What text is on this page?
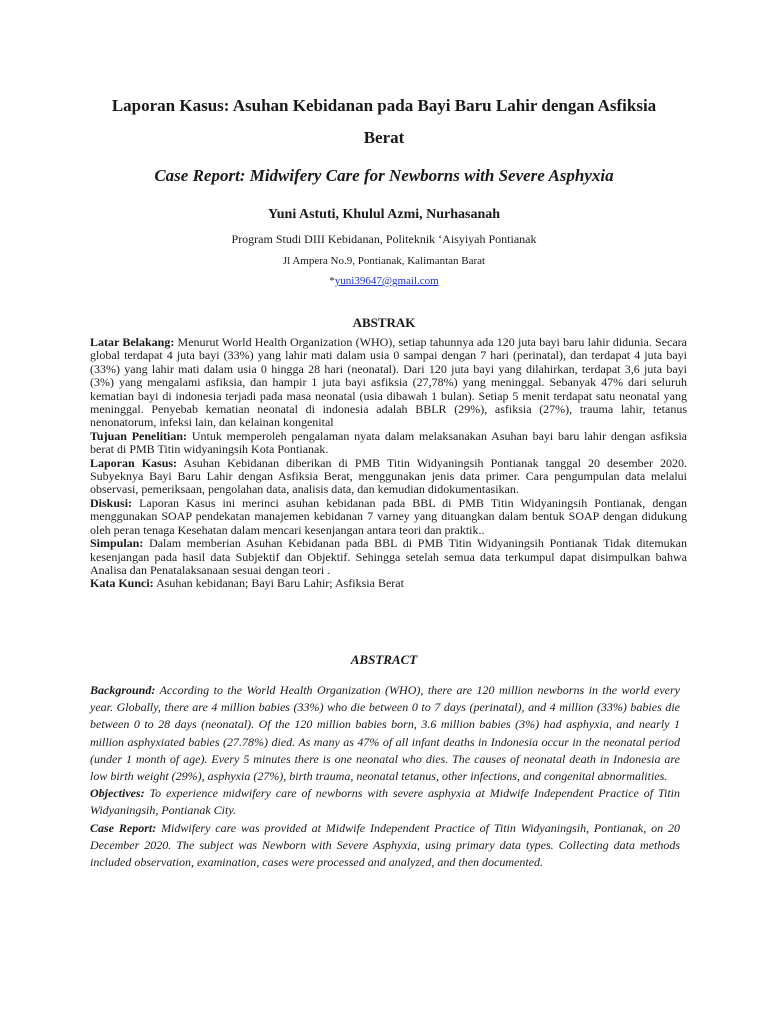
Laporan Kasus: Asuhan Kebidanan pada Bayi Baru Lahir dengan Asfiksia Berat
Case Report: Midwifery Care for Newborns with Severe Asphyxia
Yuni Astuti, Khulul Azmi, Nurhasanah
Program Studi DIII Kebidanan, Politeknik ‘Aisyiyah Pontianak
Jl Ampera No.9, Pontianak, Kalimantan Barat
*yuni39647@gmail.com
ABSTRAK

Latar Belakang: Menurut World Health Organization (WHO), setiap tahunnya ada 120 juta bayi baru lahir didunia. Secara global terdapat 4 juta bayi (33%) yang lahir mati dalam usia 0 sampai dengan 7 hari (perinatal), dan terdapat 4 juta bayi (33%) yang lahir mati dalam usia 0 hingga 28 hari (neonatal). Dari 120 juta bayi yang dilahirkan, terdapat 3,6 juta bayi (3%) yang mengalami asfiksia, dan hampir 1 juta bayi asfiksia (27,78%) yang meninggal. Sebanyak 47% dari seluruh kematian bayi di indonesia terjadi pada masa neonatal (usia dibawah 1 bulan). Setiap 5 menit terdapat satu neonatal yang meninggal. Penyebab kematian neonatal di indonesia adalah BBLR (29%), asfiksia (27%), trauma lahir, tetanus nenonatorum, infeksi lain, dan kelainan kongenital

Tujuan Penelitian: Untuk memperoleh pengalaman nyata dalam melaksanakan Asuhan bayi baru lahir dengan asfiksia berat di PMB Titin widyaningsih Kota Pontianak.

Laporan Kasus: Asuhan Kebidanan diberikan di PMB Titin Widyaningsih Pontianak tanggal 20 desember 2020. Subyeknya Bayi Baru Lahir dengan Asfiksia Berat, menggunakan jenis data primer. Cara pengumpulan data melalui observasi, pemeriksaan, pengolahan data, analisis data, dan kemudian didokumentasikan.

Diskusi: Laporan Kasus ini merinci asuhan kebidanan pada BBL di PMB Titin Widyaningsih Pontianak, dengan menggunakan SOAP pendekatan manajemen kebidanan 7 varney yang dituangkan dalam bentuk SOAP dengan didukung oleh peran tenaga Kesehatan dalam mencari kesenjangan antara teori dan praktik..

Simpulan: Dalam memberian Asuhan Kebidanan pada BBL di PMB Titin Widyaningsih Pontianak Tidak ditemukan kesenjangan pada hasil data Subjektif dan Objektif. Sehingga setelah semua data terkumpul dapat disimpulkan bahwa Analisa dan Penatalaksanaan sesuai dengan teori .

Kata Kunci: Asuhan kebidanan; Bayi Baru Lahir; Asfiksia Berat

ABSTRACT

Background: According to the World Health Organization (WHO), there are 120 million newborns in the world every year. Globally, there are 4 million babies (33%) who die between 0 to 7 days (perinatal), and 4 million (33%) babies die between 0 to 28 days (neonatal). Of the 120 million babies born, 3.6 million babies (3%) had asphyxia, and nearly 1 million asphyxiated babies (27.78%) died. As many as 47% of all infant deaths in Indonesia occur in the neonatal period (under 1 month of age). Every 5 minutes there is one neonatal who dies. The causes of neonatal death in Indonesia are low birth weight (29%), asphyxia (27%), birth trauma, neonatal tetanus, other infections, and congenital abnormalities.

Objectives: To experience midwifery care of newborns with severe asphyxia at Midwife Independent Practice of Titin Widyaningsih, Pontianak City.

Case Report: Midwifery care was provided at Midwife Independent Practice of Titin Widyaningsih, Pontianak, on 20 December 2020. The subject was Newborn with Severe Asphyxia, using primary data types. Collecting data methods included observation, examination, cases were processed and analyzed, and then documented.
